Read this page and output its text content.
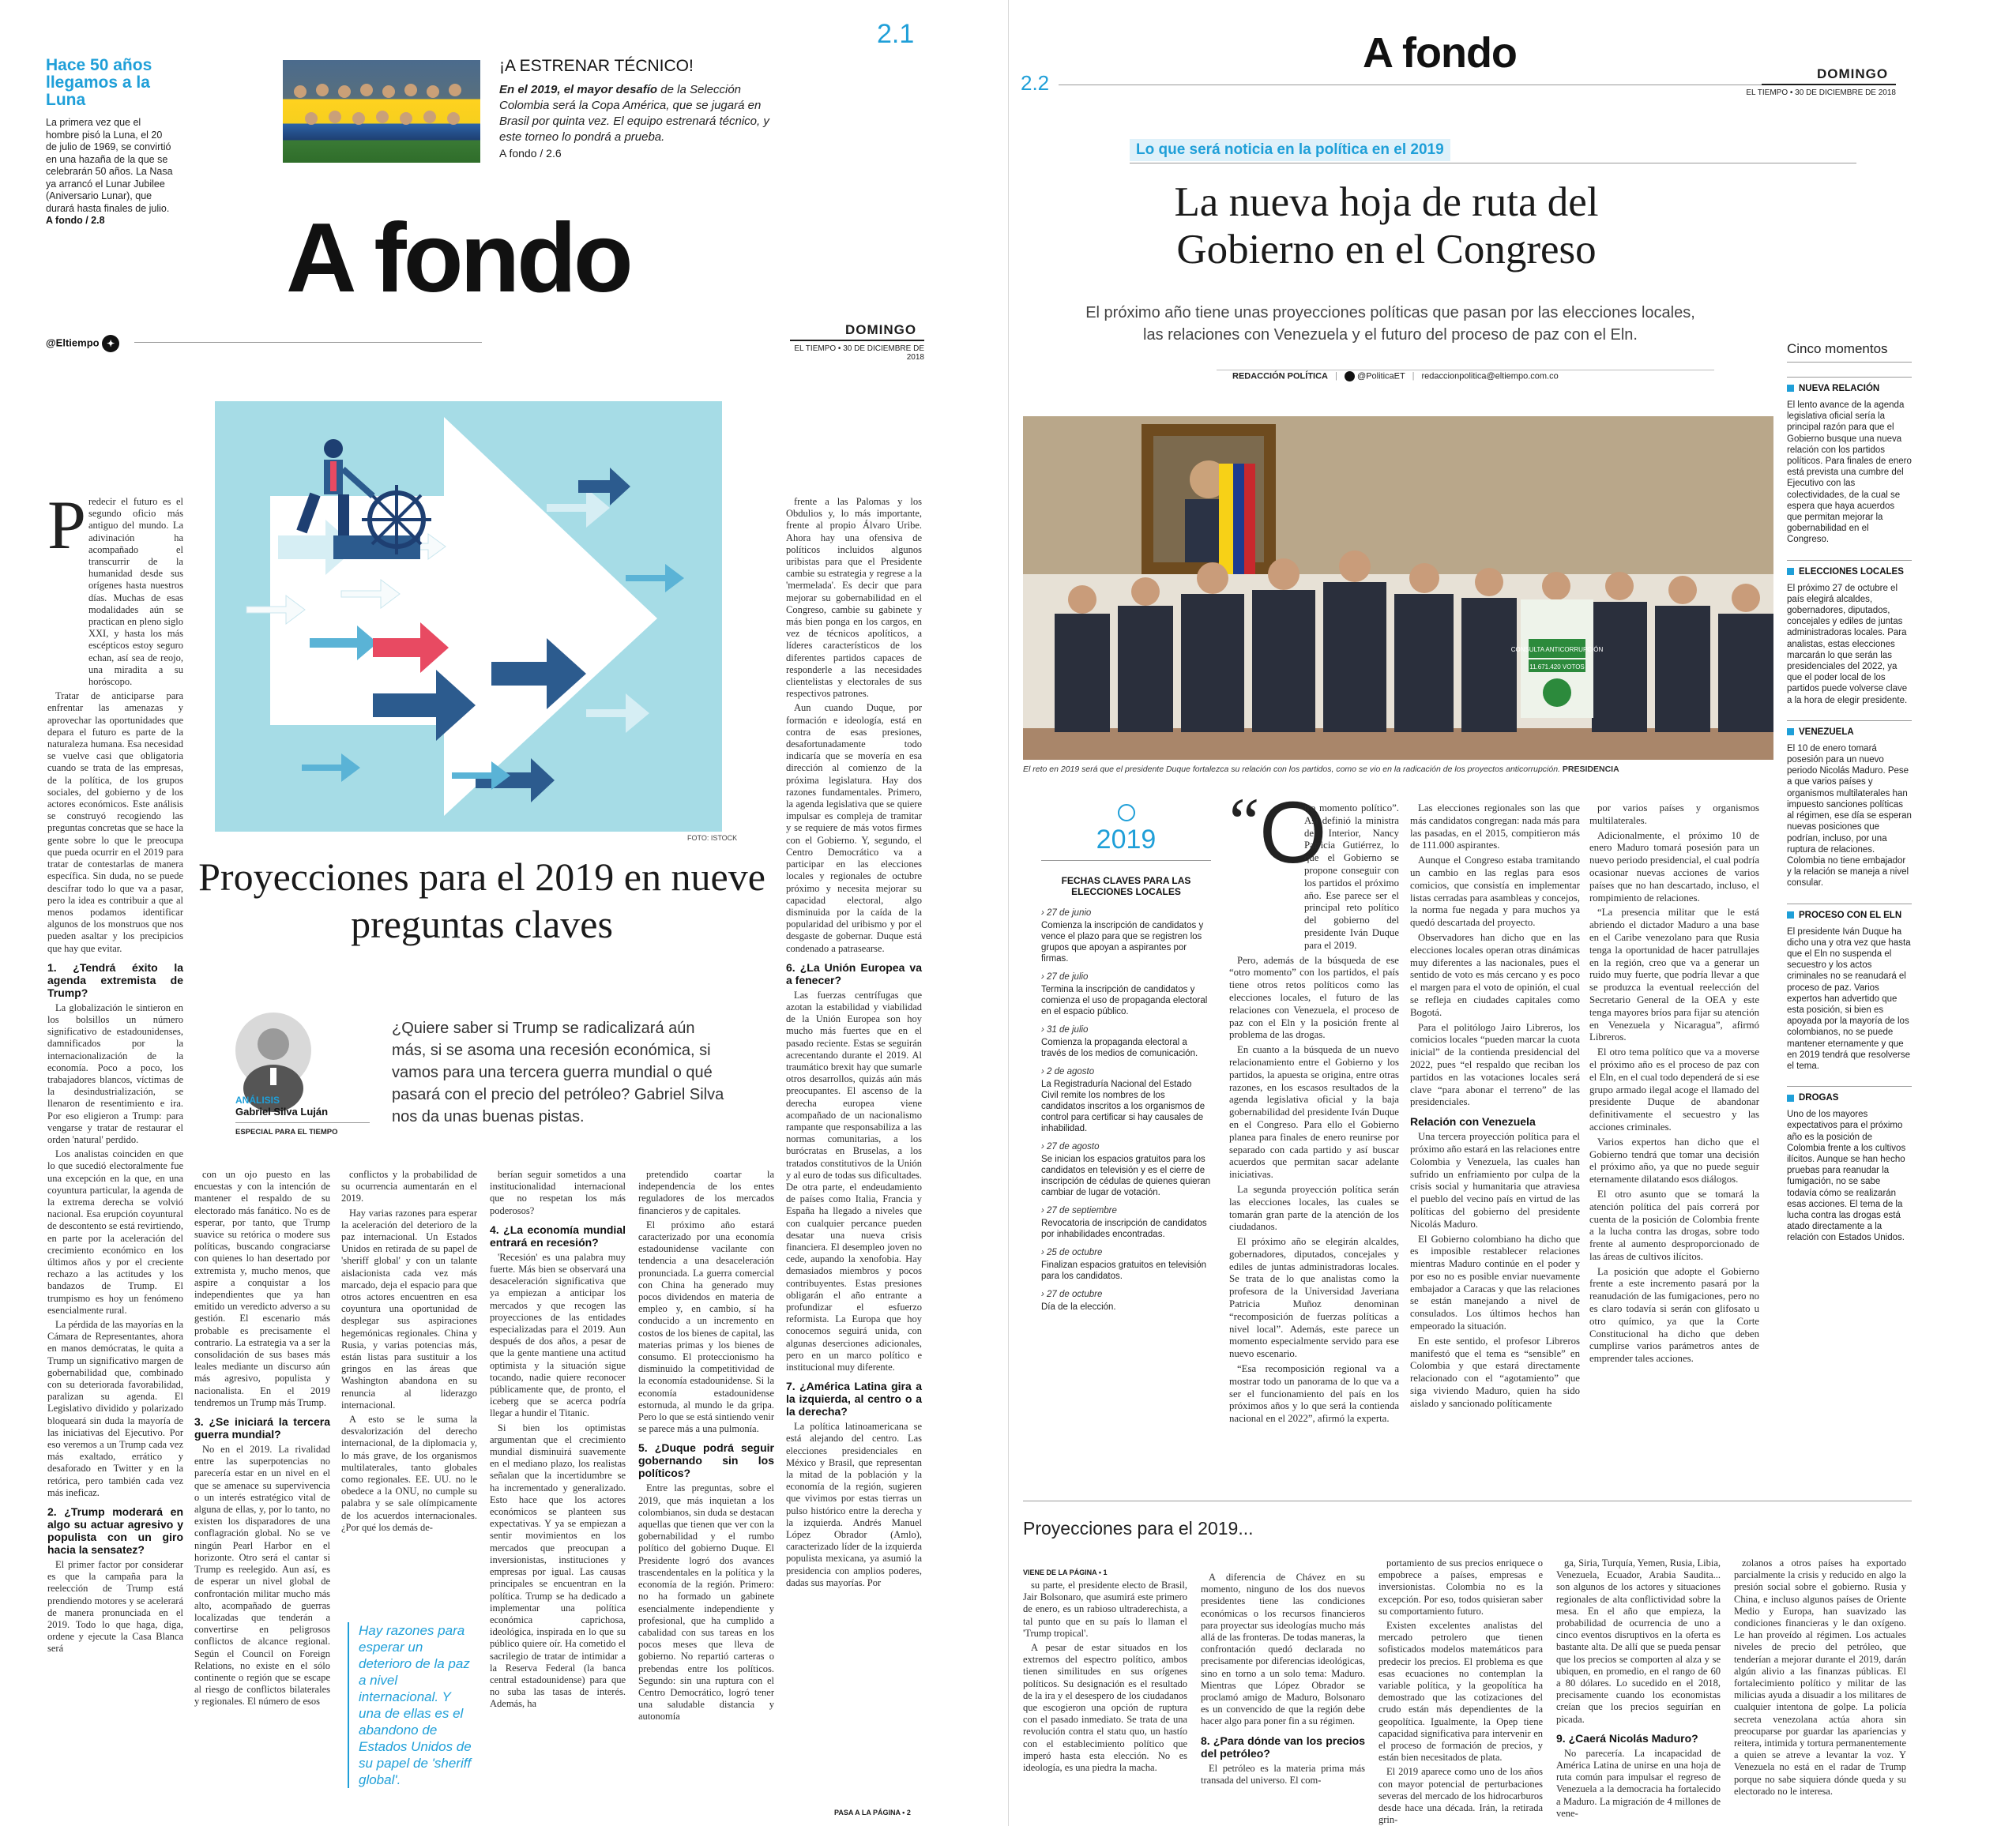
2.1
Hace 50 años llegamos a la Luna
La primera vez que el hombre pisó la Luna, el 20 de julio de 1969, se convirtió en una hazaña de la que se celebrarán 50 años. La Nasa ya arrancó el Lunar Jubilee (Aniversario Lunar), que durará hasta finales de julio.
A fondo / 2.8
¡A ESTRENAR TÉCNICO!
En el 2019, el mayor desafío de la Selección Colombia será la Copa América, que se jugará en Brasil por quinta vez. El equipo estrenará técnico, y este torneo lo pondrá a prueba.
A fondo / 2.6
A fondo
@Eltiempo ✦
DOMINGO
EL TIEMPO • 30 DE DICIEMBRE DE 2018
FOTO: ISTOCK
Proyecciones para el 2019 en nueve preguntas claves
ANÁLISIS
Gabriel Silva Luján
ESPECIAL PARA EL TIEMPO
¿Quiere saber si Trump se radicalizará aún más, si se asoma una recesión económica, si vamos para una tercera guerra mundial o qué pasará con el precio del petróleo? Gabriel Silva nos da unas buenas pistas.
P redecir el futuro es el segundo oficio más antiguo del mundo. La adivinación ha acompañado el transcurrir de la humanidad desde sus orígenes hasta nuestros días. Muchas de esas modalidades aún se practican en pleno siglo XXI, y hasta los más escépticos estoy seguro echan, así sea de reojo, una miradita a su horóscopo.

Tratar de anticiparse para enfrentar las amenazas y aprovechar las oportunidades que depara el futuro es parte de la naturaleza humana. Esa necesidad se vuelve casi que obligatoria cuando se trata de las empresas, de la política, de los grupos sociales, del gobierno y de los actores económicos. Este análisis se construyó recogiendo las preguntas concretas que se hace la gente sobre lo que le preocupa que pueda ocurrir en el 2019 para tratar de contestarlas de manera específica. Sin duda, no se puede descifrar todo lo que va a pasar, pero la idea es contribuir a que al menos podamos identificar algunos de los monstruos que nos pueden asaltar y los precipicios que hay que evitar.

1. ¿Tendrá éxito la agenda extremista de Trump?

La globalización le sintieron en los bolsillos un número significativo de estadounidenses, damnificados por la internacionalización de la economía. Poco a poco, los trabajadores blancos, víctimas de la desindustrialización, se llenaron de resentimiento e ira. Por eso eligieron a Trump: para vengarse y tratar de restaurar el orden 'natural' perdido.

Los analistas coinciden en que lo que sucedió electoralmente fue una excepción en la que, en una coyuntura particular, la agenda de la extrema derecha se volvió nacional. Esa erupción coyuntural de descontento se está revirtiendo, en parte por la aceleración del crecimiento económico en los últimos años y por el creciente rechazo a las actitudes y los bandazos de Trump. El trumpismo es hoy un fenómeno esencialmente rural.

La pérdida de las mayorías en la Cámara de Representantes, ahora en manos demócratas, le quita a Trump un significativo margen de gobernabilidad que, combinado con su deteriorada favorabilidad, paralizan su agenda. El Legislativo dividido y polarizado bloqueará sin duda la mayoría de las iniciativas del Ejecutivo. Por eso veremos a un Trump cada vez más exaltado, errático y desaforado en Twitter y en la retórica, pero también cada vez más ineficaz.

2. ¿Trump moderará en algo su actuar agresivo y populista con un giro hacia la sensatez?

El primer factor por considerar es que la campaña para la reelección de Trump está prendiendo motores y se acelerará de manera pronunciada en el 2019. Todo lo que haga, diga, ordene y ejecute la Casa Blanca será

con un ojo puesto en las encuestas y con la intención de mantener el respaldo de su electorado más fanático. No es de esperar, por tanto, que Trump suavice su retórica o modere sus políticas, buscando congraciarse con quienes lo han desertado por extremista y, mucho menos, que aspire a conquistar a los independientes que ya han emitido un veredicto adverso a su gestión. El escenario más probable es precisamente el contrario. La estrategia va a ser la consolidación de sus bases más leales mediante un discurso aún más agresivo, populista y nacionalista. En el 2019 tendremos un Trump más Trump.

3. ¿Se iniciará la tercera guerra mundial?

No en el 2019. La rivalidad entre las superpotencias no parecería estar en un nivel en el que se amenace su supervivencia o un interés estratégico vital de alguna de ellas, y, por lo tanto, no existen los disparadores de una conflagración global. No se ve ningún Pearl Harbor en el horizonte. Otro será el cantar si Trump es reelegido. Aun así, es de esperar un nivel global de confrontación militar mucho más alto, acompañado de guerras localizadas que tenderán a convertirse en peligrosos conflictos de alcance regional. Según el Council on Foreign Relations, no existe en el sólo continente o región que se escape al riesgo de conflictos bilaterales y regionales. El número de esos

conflictos y la probabilidad de su ocurrencia aumentarán en el 2019.

Hay varias razones para esperar la aceleración del deterioro de la paz internacional. Un Estados Unidos en retirada de su papel de 'sheriff global' y con un talante aislacionista cada vez más marcado, deja el espacio para que otros actores encuentren en esa coyuntura una oportunidad de desplegar sus aspiraciones hegemónicas regionales. China y Rusia, y varias potencias más, están listas para sustituir a los gringos en las áreas que Washington abandona en su renuncia al liderazgo internacional.

A esto se le suma la desvalorización del derecho internacional, de la diplomacia y, lo más grave, de los organismos multilaterales, tanto globales como regionales. EE. UU. no le obedece a la ONU, no cumple su palabra y se sale olímpicamente de los acuerdos internacionales. ¿Por qué los demás de-

Hay razones para esperar un deterioro de la paz a nivel internacional. Y una de ellas es el abandono de Estados Unidos de su papel de 'sheriff global'.

berían seguir sometidos a una institucionalidad internacional que no respetan los más poderosos?

4. ¿La economía mundial entrará en recesión?

'Recesión' es una palabra muy fuerte. Más bien se observará una desaceleración significativa que ya empiezan a anticipar los mercados y que recogen las proyecciones de las entidades especializadas para el 2019. Aun después de dos años, a pesar de que la gente mantiene una actitud optimista y la situación sigue tocando, nadie quiere reconocer públicamente que, de pronto, el iceberg que se acerca podría llegar a hundir el Titanic.

Si bien los optimistas argumentan que el crecimiento mundial disminuirá suavemente en el mediano plazo, los realistas señalan que la incertidumbre se ha incrementado y generalizado. Esto hace que los actores económicos se planteen sus expectativas. Y ya se empiezan a sentir movimientos en los mercados que preocupan a inversionistas, instituciones y empresas por igual. Las causas principales se encuentran en la política. Trump se ha dedicado a implementar una política económica caprichosa, ideológica, inspirada en lo que su público quiere oír. Ha cometido el sacrilegio de tratar de intimidar a la Reserva Federal (la banca central estadounidense) para que no suba las tasas de interés. Además, ha

pretendido coartar la independencia de los entes reguladores de los mercados financieros y de capitales.

El próximo año estará caracterizado por una economía estadounidense vacilante con tendencia a una desaceleración pronunciada. La guerra comercial con China ha generado muy pocos dividendos en materia de empleo y, en cambio, sí ha conducido a un incremento en costos de los bienes de capital, las materias primas y los bienes de consumo. El proteccionismo ha disminuido la competitividad de la economía estadounidense. Si la economía estadounidense estornuda, al mundo le da gripa. Pero lo que se está sintiendo venir se parece más a una pulmonía.

5. ¿Duque podrá seguir gobernando sin los políticos?

Entre las preguntas, sobre el 2019, que más inquietan a los colombianos, sin duda se destacan aquellas que tienen que ver con la gobernabilidad y el rumbo político del gobierno Duque. El Presidente logró dos avances trascendentales en la política y la economía de la región. Primero: no ha formado un gabinete esencialmente independiente y profesional, que ha cumplido a cabalidad con sus tareas en los pocos meses que lleva de gobierno. No repartió carteras o prebendas entre los políticos. Segundo: sin una ruptura con el Centro Democrático, logró tener una saludable distancia y autonomía

frente a las Palomas y los Obdulios y, lo más importante, frente al propio Álvaro Uribe. Ahora hay una ofensiva de políticos incluidos algunos uribistas para que el Presidente cambie su estrategia y regrese a la 'mermelada'. Es decir que para mejorar su gobernabilidad en el Congreso, cambie su gabinete y más bien ponga en los cargos, en vez de técnicos apolíticos, a líderes característicos de los diferentes partidos capaces de responderle a las necesidades clientelistas y electorales de sus respectivos patrones.

Aun cuando Duque, por formación e ideología, está en contra de esas presiones, desafortunadamente todo indicaría que se movería en esa dirección al comienzo de la próxima legislatura. Hay dos razones fundamentales. Primero, la agenda legislativa que se quiere impulsar es compleja de tramitar y se requiere de más votos firmes con el Gobierno. Y, segundo, el Centro Democrático va a participar en las elecciones locales y regionales de octubre próximo y necesita mejorar su capacidad electoral, algo disminuida por la caída de la popularidad del uribismo y por el desgaste de gobernar. Duque está condenado a patrasearse.

6. ¿La Unión Europea va a fenecer?

Las fuerzas centrífugas que azotan la estabilidad y viabilidad de la Unión Europea son hoy mucho más fuertes que en el pasado reciente. Estas se seguirán acrecentando durante el 2019. Al traumático brexit hay que sumarle otros desarrollos, quizás aún más preocupantes. El ascenso de la derecha europea viene acompañado de un nacionalismo rampante que responsabiliza a las normas comunitarias, a los burócratas en Bruselas, a los tratados constitutivos de la Unión y al euro de todas sus dificultades. De otra parte, el endeudamiento de países como Italia, Francia y España ha llegado a niveles que con cualquier percance pueden desatar una nueva crisis financiera. El desempleo joven no cede, aupando la xenofobia. Hay demasiados miembros y pocos contribuyentes. Estas presiones obligarán el año entrante a profundizar el esfuerzo reformista. La Europa que hoy conocemos seguirá unida, con algunas deserciones adicionales, pero en un marco político e institucional muy diferente.

7. ¿América Latina gira a la izquierda, al centro o a la derecha?

La política latinoamericana se está alejando del centro. Las elecciones presidenciales en México y Brasil, que representan la mitad de la población y la economía de la región, sugieren que vivimos por estas tierras un pulso histórico entre la derecha y la izquierda. Andrés Manuel López Obrador (Amlo), caracterizado líder de la izquierda populista mexicana, ya asumió la presidencia con amplios poderes, dadas sus mayorías. Por

PASA A LA PÁGINA • 2
A fondo
2.2	DOMINGO
EL TIEMPO • 30 DE DICIEMBRE DE 2018
Lo que será noticia en la política en el 2019
La nueva hoja de ruta del Gobierno en el Congreso
El próximo año tiene unas proyecciones políticas que pasan por las elecciones locales, las relaciones con Venezuela y el futuro del proceso de paz con el Eln.
REDACCIÓN POLÍTICA | @PoliticaET | redaccionpolitica@eltiempo.com.co
CONSULTA ANTICORRUPCIÓN
11.671.420 VOTOS
El reto en 2019 será que el presidente Duque fortalezca su relación con los partidos, como se vio en la radicación de los proyectos anticorrupción. PRESIDENCIA
2019
FECHAS CLAVES PARA LAS ELECCIONES LOCALES
› 27 de junio
Comienza la inscripción de candidatos y vence el plazo para que se registren los grupos que apoyan a aspirantes por firmas.
› 27 de julio
Termina la inscripción de candidatos y comienza el uso de propaganda electoral en el espacio público.
› 31 de julio
Comienza la propaganda electoral a través de los medios de comunicación.
› 2 de agosto
La Registraduría Nacional del Estado Civil remite los nombres de los candidatos inscritos a los organismos de control para certificar si hay causales de inhabilidad.
› 27 de agosto
Se inician los espacios gratuitos para los candidatos en televisión y es el cierre de inscripción de cédulas de quienes quieran cambiar de lugar de votación.
› 27 de septiembre
Revocatoria de inscripción de candidatos por inhabilidades encontradas.
› 25 de octubre
Finalizan espacios gratuitos en televisión para los candidatos.
› 27 de octubre
Día de la elección.
“ O

tro momento político”. Así definió la ministra del Interior, Nancy Patricia Gutiérrez, lo que el Gobierno se propone conseguir con los partidos el próximo año. Ese parece ser el principal reto político del gobierno del presidente Iván Duque para el 2019.

Pero, además de la búsqueda de ese “otro momento” con los partidos, el país tiene otros retos políticos como las elecciones locales, el futuro de las relaciones con Venezuela, el proceso de paz con el Eln y la posición frente al problema de las drogas.

En cuanto a la búsqueda de un nuevo relacionamiento entre el Gobierno y los partidos, la apuesta se origina, entre otras razones, en los escasos resultados de la agenda legislativa oficial y la baja gobernabilidad del presidente Iván Duque en el Congreso. Para ello el Gobierno planea para finales de enero reunirse por separado con cada partido y así buscar acuerdos que permitan sacar adelante iniciativas.

La segunda proyección política serán las elecciones locales, las cuales se tomarán gran parte de la atención de los ciudadanos.

El próximo año se elegirán alcaldes, gobernadores, diputados, concejales y ediles de juntas administradoras locales. Se trata de lo que analistas como la profesora de la Universidad Javeriana Patricia Muñoz denominan “recomposición de fuerzas políticas a nivel local”. Además, este parece un momento especialmente servido para ese nuevo escenario.

“Esa recomposición regional va a mostrar todo un panorama de lo que va a ser el funcionamiento del país en los próximos años y lo que será la contienda nacional en el 2022”, afirmó la experta.

Las elecciones regionales son las que más candidatos congregan: nada más para las pasadas, en el 2015, compitieron más de 111.000 aspirantes.

Aunque el Congreso estaba tramitando un cambio en las reglas para esos comicios, que consistía en implementar listas cerradas para asambleas y concejos, la norma fue negada y para muchos ya quedó descartada del proyecto.

Observadores han dicho que en las elecciones locales operan otras dinámicas muy diferentes a las nacionales, pues el sentido de voto es más cercano y es poco el margen para el voto de opinión, el cual se refleja en ciudades capitales como Bogotá.

Para el politólogo Jairo Libreros, los comicios locales “pueden marcar la cuota inicial” de la contienda presidencial del 2022, pues “el respaldo que reciban los partidos en las votaciones locales será clave “para abonar el terreno” de las presidenciales.

Relación con Venezuela

Una tercera proyección política para el próximo año estará en las relaciones entre Colombia y Venezuela, las cuales han sufrido un enfriamiento por culpa de la crisis social y humanitaria que atraviesa el pueblo del vecino país en virtud de las políticas del gobierno del presidente Nicolás Maduro.

El Gobierno colombiano ha dicho que es imposible restablecer relaciones mientras Maduro continúe en el poder y por eso no es posible enviar nuevamente embajador a Caracas y que las relaciones se están manejando a nivel de consulados. Los últimos hechos han empeorado la situación.

En este sentido, el profesor Libreros manifestó que el tema es “sensible” en Colombia y que estará directamente relacionado con el “agotamiento” que siga viviendo Maduro, quien ha sido aislado y sancionado políticamente

por varios países y organismos multilaterales.

Adicionalmente, el próximo 10 de enero Maduro tomará posesión para un nuevo periodo presidencial, el cual podría ocasionar nuevas acciones de varios países que no han descartado, incluso, el rompimiento de relaciones.

“La presencia militar que le está abriendo el dictador Maduro a una base en el Caribe venezolano para que Rusia tenga la oportunidad de hacer patrullajes en la región, creo que va a generar un ruido muy fuerte, que podría llevar a que se produzca la eventual reelección del Secretario General de la OEA y este tenga mayores bríos para fijar su atención en Venezuela y Nicaragua”, afirmó Libreros.

El otro tema político que va a moverse el próximo año es el proceso de paz con el Eln, en el cual todo dependerá de si ese grupo armado ilegal acoge el llamado del presidente Duque de abandonar definitivamente el secuestro y las acciones criminales.

Varios expertos han dicho que el Gobierno tendrá que tomar una decisión el próximo año, ya que no puede seguir eternamente dilatando esos diálogos.

El otro asunto que se tomará la atención política del país correrá por cuenta de la posición de Colombia frente a la lucha contra las drogas, sobre todo frente al aumento desproporcionado de las áreas de cultivos ilícitos.

La posición que adopte el Gobierno frente a este incremento pasará por la reanudación de las fumigaciones, pero no es claro todavía si serán con glifosato u otro químico, ya que la Corte Constitucional ha dicho que deben cumplirse varios parámetros antes de emprender tales acciones.

Cinco momentos
NUEVA RELACIÓN

El lento avance de la agenda legislativa oficial sería la principal razón para que el Gobierno busque una nueva relación con los partidos políticos. Para finales de enero está prevista una cumbre del Ejecutivo con las colectividades, de la cual se espera que haya acuerdos que permitan mejorar la gobernabilidad en el Congreso.

ELECCIONES LOCALES

El próximo 27 de octubre el país elegirá alcaldes, gobernadores, diputados, concejales y ediles de juntas administradoras locales. Para analistas, estas elecciones marcarán lo que serán las presidenciales del 2022, ya que el poder local de los partidos puede volverse clave a la hora de elegir presidente.

VENEZUELA

El 10 de enero tomará posesión para un nuevo periodo Nicolás Maduro. Pese a que varios países y organismos multilaterales han impuesto sanciones políticas al régimen, ese día se esperan nuevas posiciones que podrían, incluso, por una ruptura de relaciones. Colombia no tiene embajador y la relación se maneja a nivel consular.

PROCESO CON EL ELN

El presidente Iván Duque ha dicho una y otra vez que hasta que el Eln no suspenda el secuestro y los actos criminales no se reanudará el proceso de paz. Varios expertos han advertido que esta posición, si bien es apoyada por la mayoría de los colombianos, no se puede mantener eternamente y que en 2019 tendrá que resolverse el tema.

DROGAS

Uno de los mayores expectativos para el próximo año es la posición de Colombia frente a los cultivos ilícitos. Aunque se han hecho pruebas para reanudar la fumigación, no se sabe todavía cómo se realizarán esas acciones. El tema de la lucha contra las drogas está atado directamente a la relación con Estados Unidos.

Proyecciones para el 2019...
VIENE DE LA PÁGINA • 1

su parte, el presidente electo de Brasil, Jair Bolsonaro, que asumirá este primero de enero, es un rabioso ultraderechista, a tal punto que en su país lo llaman el 'Trump tropical'.

A pesar de estar situados en los extremos del espectro político, ambos tienen similitudes en sus orígenes políticos. Su designación es el resultado de la ira y el desespero de los ciudadanos que escogieron una opción de ruptura con el pasado inmediato. Se trata de una revolución contra el statu quo, un hastío con el establecimiento político que imperó hasta esta elección. No es ideología, es una piedra la macha.

A diferencia de Chávez en su momento, ninguno de los dos nuevos presidentes tiene las condiciones económicas o los recursos financieros para proyectar sus ideologías mucho más allá de las fronteras. De todas maneras, la confrontación quedó declarada no precisamente por diferencias ideológicas, sino en torno a un solo tema: Maduro. Mientras que López Obrador se proclamó amigo de Maduro, Bolsonaro es un convencido de que la región debe hacer algo para poner fin a su régimen.

8. ¿Para dónde van los precios del petróleo?

El petróleo es la materia prima más transada del universo. El com-

portamiento de sus precios enriquece o empobrece a países, empresas e inversionistas. Colombia no es la excepción. Por eso, todos quisieran saber su comportamiento futuro.

Existen excelentes analistas del mercado petrolero que tienen sofisticados modelos matemáticos para predecir los precios. El problema es que esas ecuaciones no contemplan la variable política, y la geopolítica ha demostrado que las cotizaciones del crudo están más dependientes de la geopolítica. Igualmente, la Opep tiene capacidad significativa para intervenir en el proceso de formación de precios, y están bien necesitados de plata.

El 2019 aparece como uno de los años con mayor potencial de perturbaciones severas del mercado de los hidrocarburos desde hace una década. Irán, la retirada grin-

ga, Siria, Turquía, Yemen, Rusia, Libia, Venezuela, Ecuador, Arabia Saudita... son algunos de los actores y situaciones regionales de alta conflictividad sobre la mesa. En el año que empieza, la probabilidad de ocurrencia de uno a cinco eventos disruptivos en la oferta es bastante alta. De allí que se pueda pensar que los precios se comporten al alza y se ubiquen, en promedio, en el rango de 60 a 80 dólares. Lo sucedido en el 2018, precisamente cuando los economistas creían que los precios seguirían en picada.

9. ¿Caerá Nicolás Maduro?

No parecería. La incapacidad de América Latina de unirse en una hoja de ruta común para impulsar el regreso de Venezuela a la democracia ha fortalecido a Maduro. La migración de 4 millones de vene-

zolanos a otros países ha exportado parcialmente la crisis y reducido en algo la presión social sobre el gobierno. Rusia y China, e incluso algunos países de Oriente Medio y Europa, han suavizado las condiciones financieras y le dan oxígeno. Le han proveído al régimen. Los actuales niveles de precio del petróleo, que tenderían a mejorar durante el 2019, darán algún alivio a las finanzas públicas. El fortalecimiento político y militar de las milicias ayuda a disuadir a los militares de cualquier intentona de golpe. La policía secreta venezolana actúa ahora sin preocuparse por guardar las apariencias y reitera, intimida y tortura permanentemente a quien se atreve a levantar la voz. Y Venezuela no está en el radar de Trump porque no sabe siquiera dónde queda y su electorado no le interesa.
